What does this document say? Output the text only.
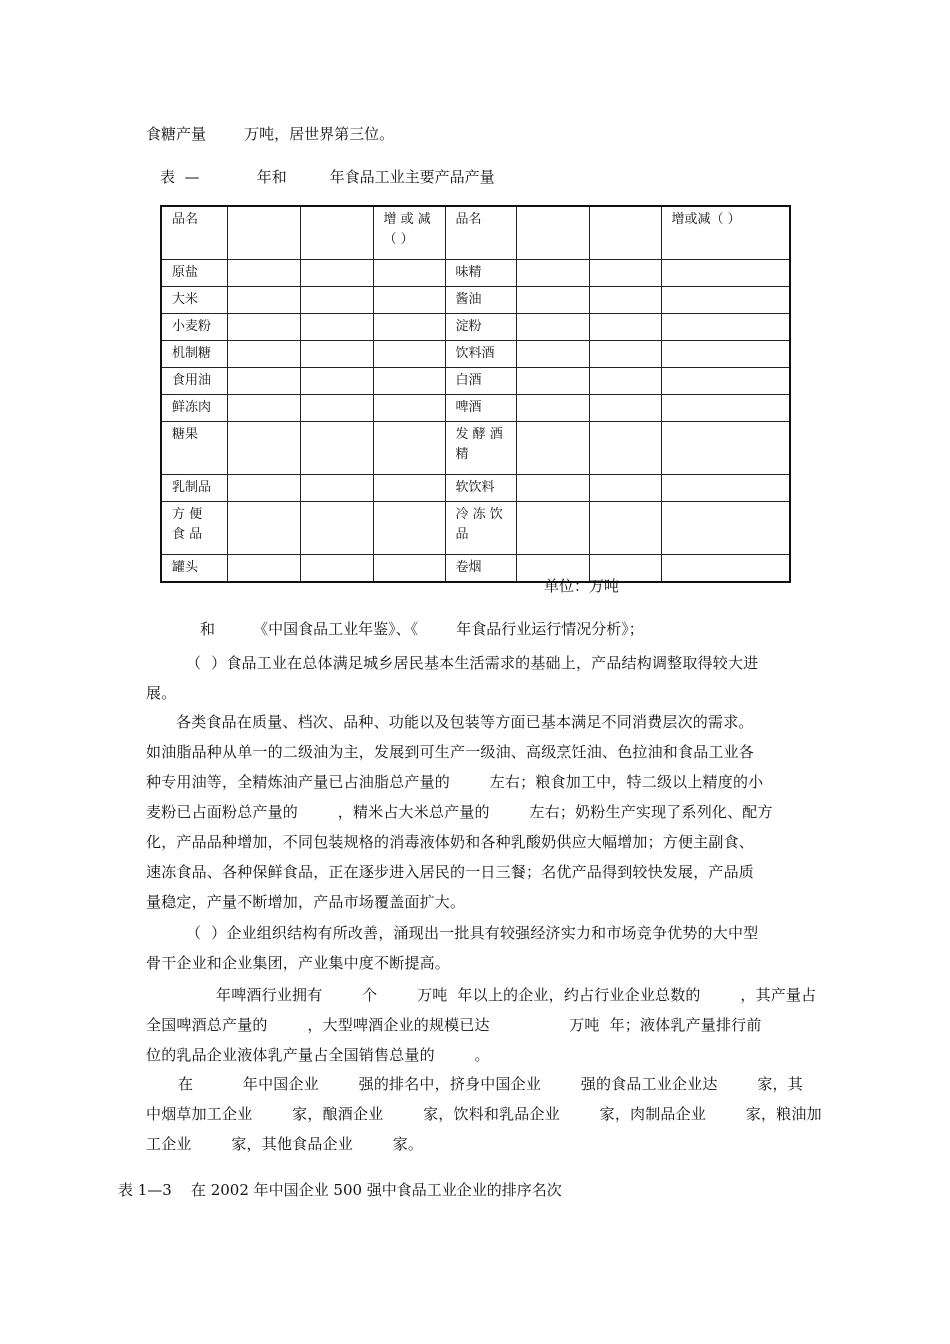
食糖产量        万吨，居世界第三位。
表  —            年和         年食品工业主要产品产量
品名			增 或 减（ ）	品名			增或减（ ）
原盐				味精			
大米				酱油			
小麦粉				淀粉			
机制糖				饮料酒			
食用油				白酒			
鲜冻肉				啤酒			
糖果				发 酵 酒 精			
乳制品				软饮料			
方 便 食 品				冷 冻 饮 品			
罐头				卷烟			
单位：万吨
和        《中国食品工业年鉴》、《        年食品行业运行情况分析》；
（  ）食品工业在总体满足城乡居民基本生活需求的基础上，产品结构调整取得较大进
展。
各类食品在质量、档次、品种、功能以及包装等方面已基本满足不同消费层次的需求。
如油脂品种从单一的二级油为主，发展到可生产一级油、高级烹饪油、色拉油和食品工业各
种专用油等，全精炼油产量已占油脂总产量的        左右；粮食加工中，特二级以上精度的小
麦粉已占面粉总产量的        ，精米占大米总产量的        左右；奶粉生产实现了系列化、配方
化，产品品种增加，不同包装规格的消毒液体奶和各种乳酸奶供应大幅增加；方便主副食、
速冻食品、各种保鲜食品，正在逐步进入居民的一日三餐；名优产品得到较快发展，产品质
量稳定，产量不断增加，产品市场覆盖面扩大。
（  ）企业组织结构有所改善，涌现出一批具有较强经济实力和市场竞争优势的大中型
骨干企业和企业集团，产业集中度不断提高。
年啤酒行业拥有        个        万吨  年以上的企业，约占行业企业总数的        ，其产量占
全国啤酒总产量的        ，大型啤酒企业的规模已达                万吨  年；液体乳产量排行前
位的乳品企业液体乳产量占全国销售总量的        。
在          年中国企业        强的排名中，挤身中国企业        强的食品工业企业达        家，其
中烟草加工企业        家，酿酒企业        家，饮料和乳品企业        家，肉制品企业        家，粮油加
工企业        家，其他食品企业        家。
表 1—3    在 2002 年中国企业 500 强中食品工业企业的排序名次
